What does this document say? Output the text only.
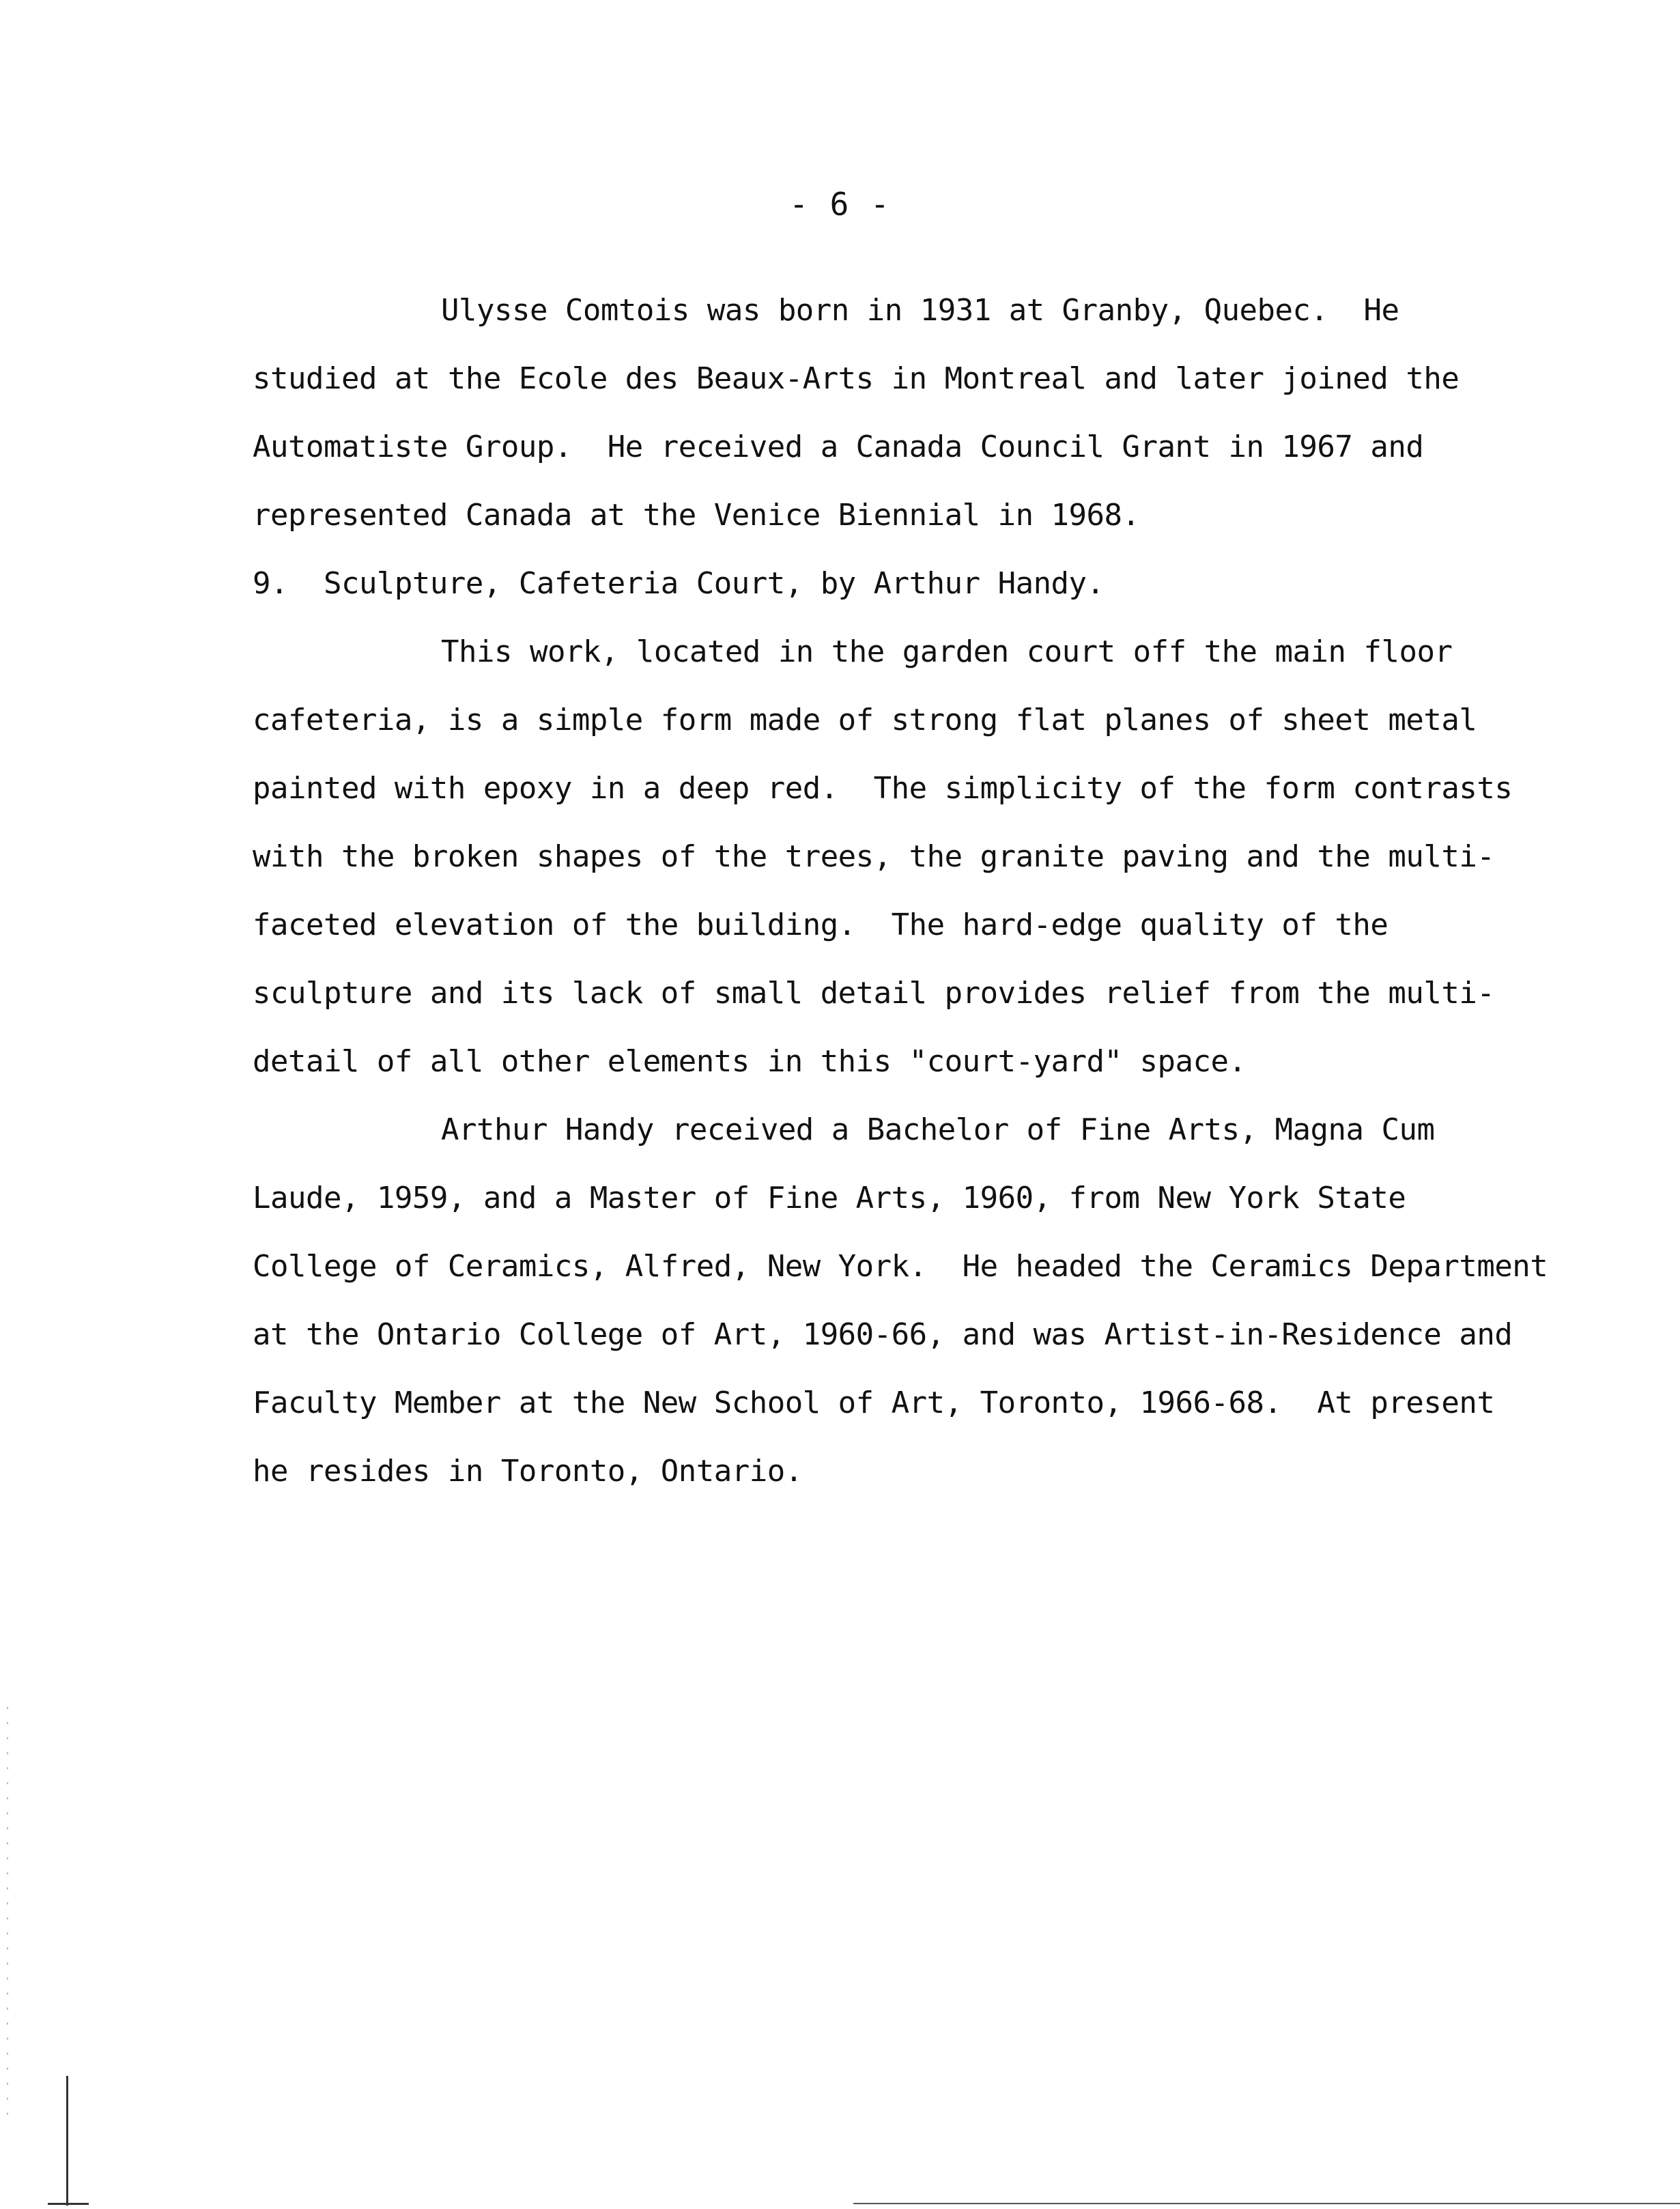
- 6 -
Ulysse Comtois was born in 1931 at Granby, Quebec.  He
studied at the Ecole des Beaux-Arts in Montreal and later joined the
Automatiste Group.  He received a Canada Council Grant in 1967 and
represented Canada at the Venice Biennial in 1968.
9.  Sculpture, Cafeteria Court, by Arthur Handy.
This work, located in the garden court off the main floor
cafeteria, is a simple form made of strong flat planes of sheet metal
painted with epoxy in a deep red.  The simplicity of the form contrasts
with the broken shapes of the trees, the granite paving and the multi-
faceted elevation of the building.  The hard-edge quality of the
sculpture and its lack of small detail provides relief from the multi-
detail of all other elements in this "court-yard" space.
Arthur Handy received a Bachelor of Fine Arts, Magna Cum
Laude, 1959, and a Master of Fine Arts, 1960, from New York State
College of Ceramics, Alfred, New York.  He headed the Ceramics Department
at the Ontario College of Art, 1960-66, and was Artist-in-Residence and
Faculty Member at the New School of Art, Toronto, 1966-68.  At present
he resides in Toronto, Ontario.
